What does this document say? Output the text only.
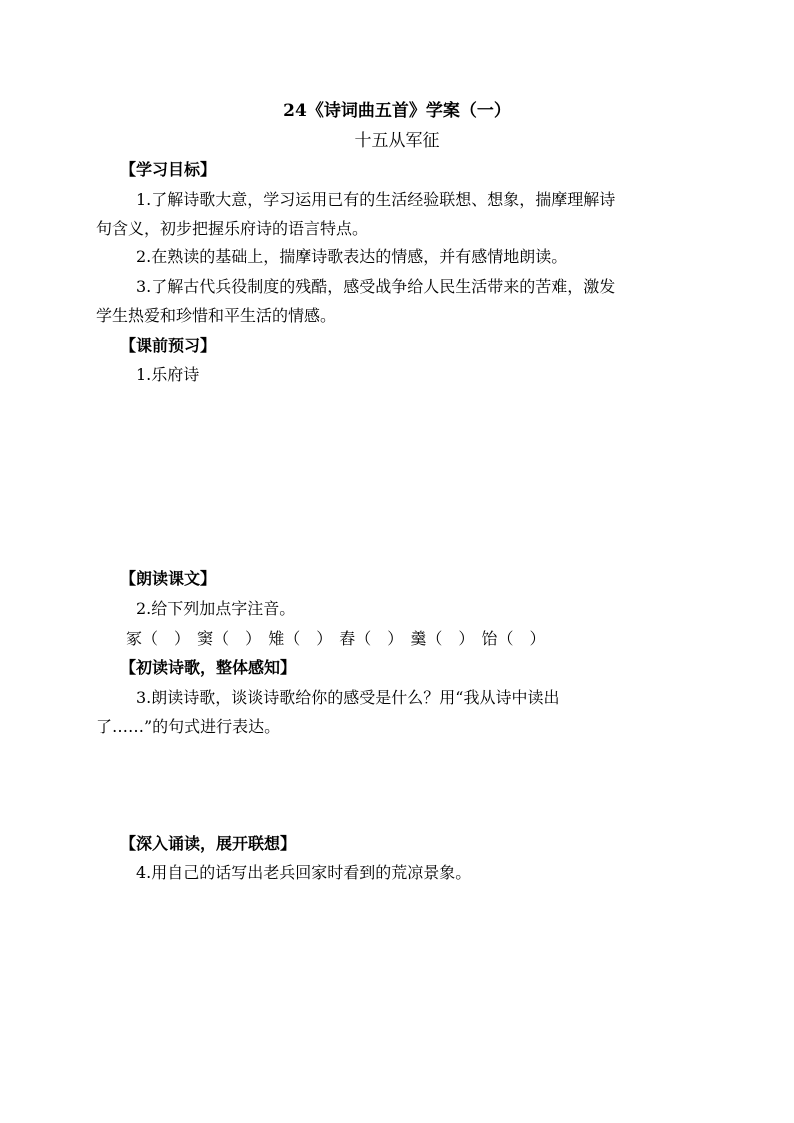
24《诗词曲五首》学案（一）
十五从军征
【学习目标】
1.了解诗歌大意，学习运用已有的生活经验联想、想象，揣摩理解诗
句含义，初步把握乐府诗的语言特点。
2.在熟读的基础上，揣摩诗歌表达的情感，并有感情地朗读。
3.了解古代兵役制度的残酷，感受战争给人民生活带来的苦难，激发
学生热爱和珍惜和平生活的情感。
【课前预习】
1.乐府诗
【朗读课文】
2.给下列加点字注音。
冢（　） 窦（　） 雉（　） 舂（　） 羹（　） 饴（　）
【初读诗歌，整体感知】
3.朗读诗歌，谈谈诗歌给你的感受是什么？用“我从诗中读出
了……”的句式进行表达。
【深入诵读，展开联想】
4.用自己的话写出老兵回家时看到的荒凉景象。
